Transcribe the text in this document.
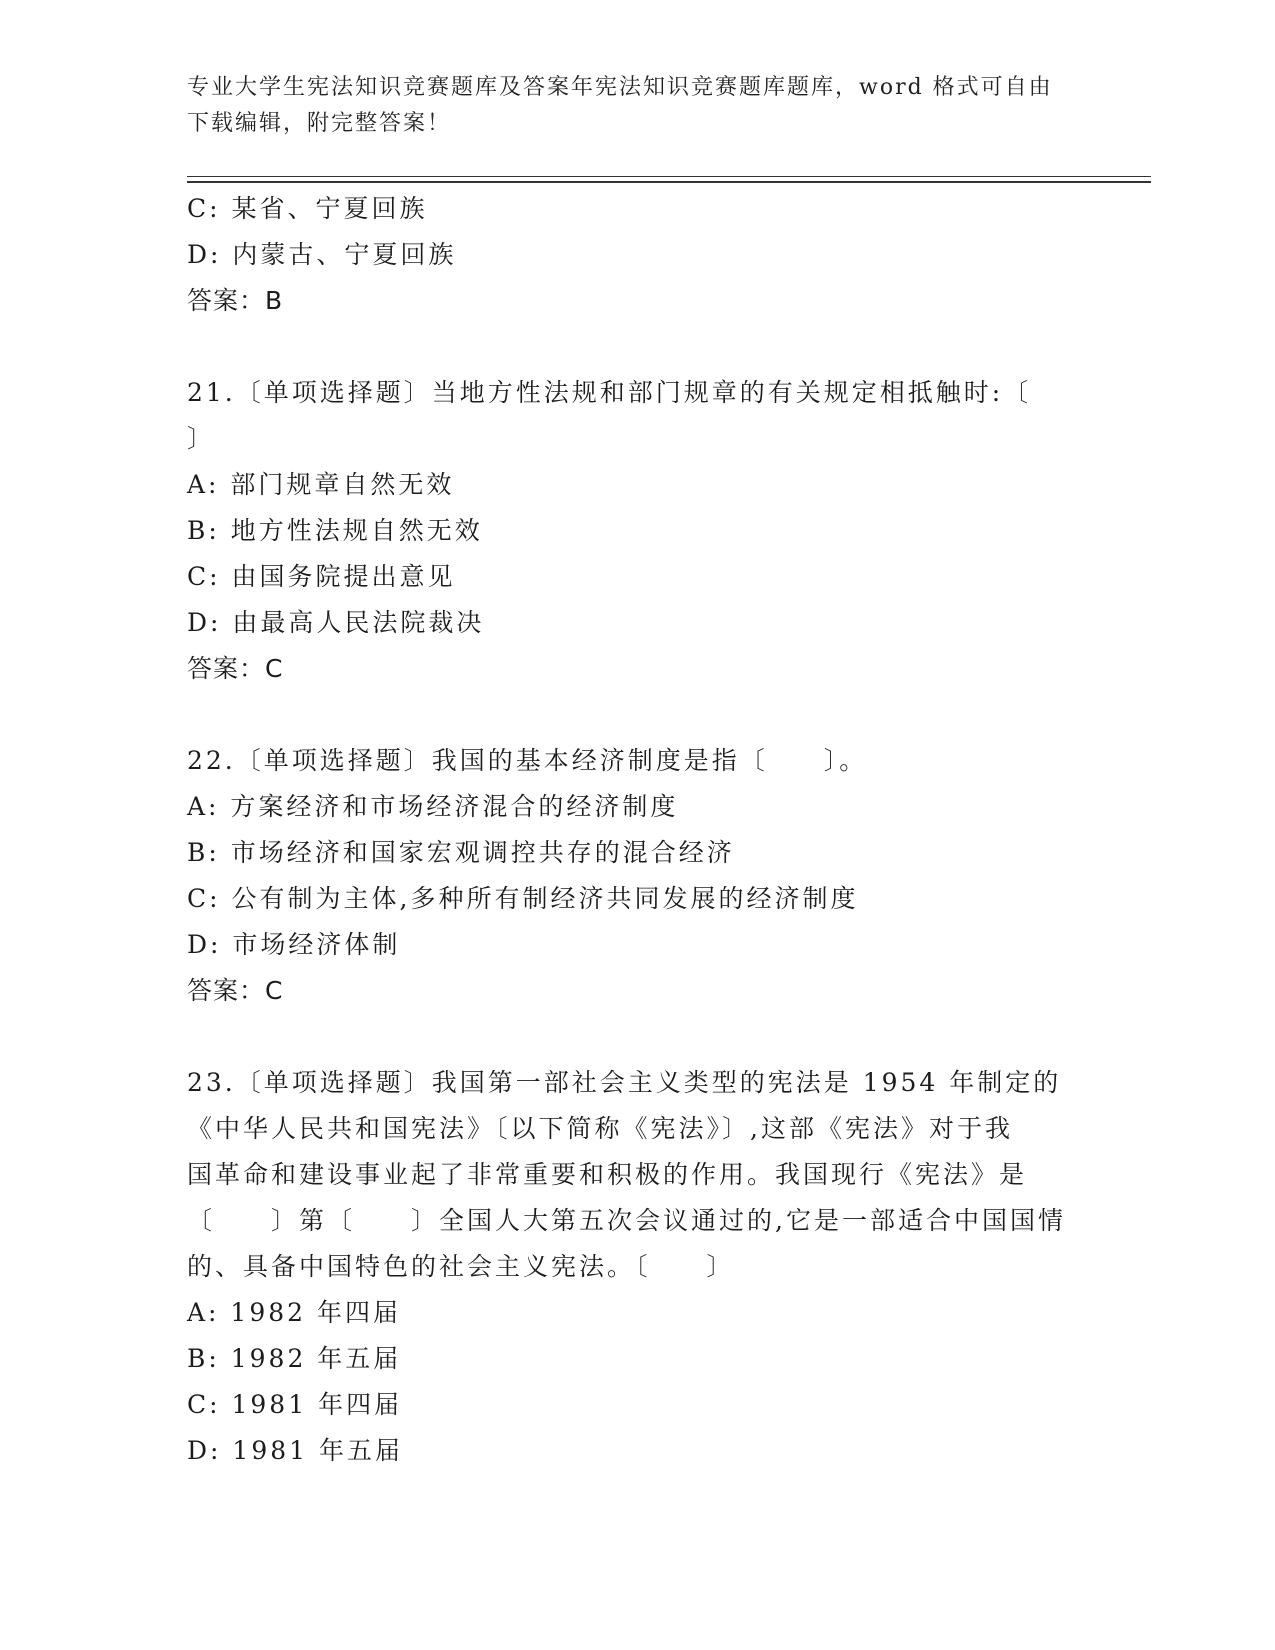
专业大学生宪法知识竞赛题库及答案年宪法知识竞赛题库题库，word 格式可自由
下载编辑，附完整答案！
C: 某省、宁夏回族
D: 内蒙古、宁夏回族
答案：B
21.〔单项选择题〕当地方性法规和部门规章的有关规定相抵触时:〔
〕
A: 部门规章自然无效
B: 地方性法规自然无效
C: 由国务院提出意见
D: 由最高人民法院裁决
答案：C
22.〔单项选择题〕我国的基本经济制度是指〔　　〕。
A: 方案经济和市场经济混合的经济制度
B: 市场经济和国家宏观调控共存的混合经济
C: 公有制为主体,多种所有制经济共同发展的经济制度
D: 市场经济体制
答案：C
23.〔单项选择题〕我国第一部社会主义类型的宪法是 1954 年制定的
《中华人民共和国宪法》〔以下简称《宪法》〕,这部《宪法》对于我
国革命和建设事业起了非常重要和积极的作用。我国现行《宪法》是
〔　　〕第〔　　〕全国人大第五次会议通过的,它是一部适合中国国情
的、具备中国特色的社会主义宪法。〔　　〕
A: 1982 年四届
B: 1982 年五届
C: 1981 年四届
D: 1981 年五届
